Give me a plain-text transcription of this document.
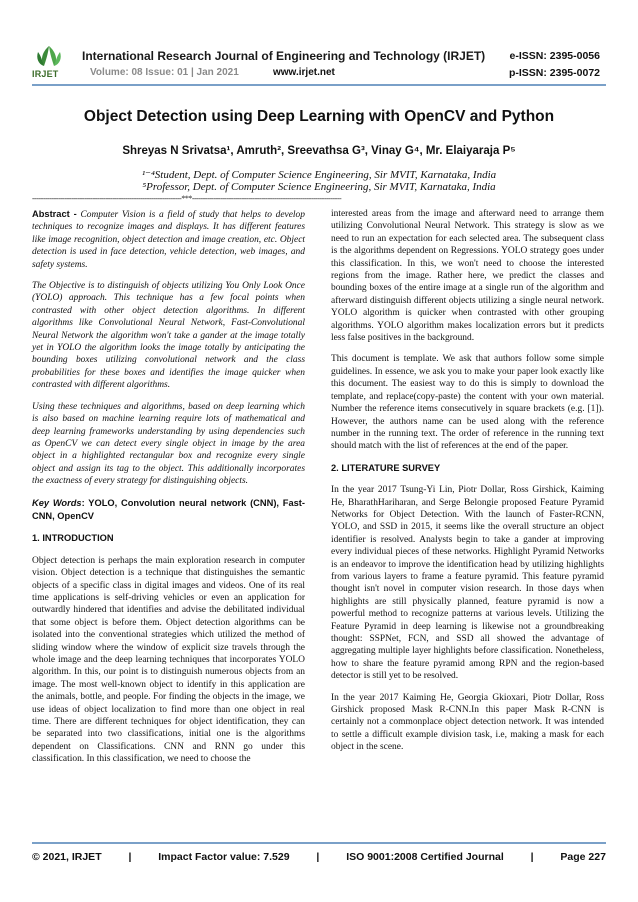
IRJET
International Research Journal of Engineering and Technology (IRJET) e-ISSN: 2395-0056
Volume: 08 Issue: 01 | Jan 2021	www.irjet.net	p-ISSN: 2395-0072
Object Detection using Deep Learning with OpenCV and Python
Shreyas N Srivatsa¹, Amruth², Sreevathsa G³, Vinay G⁴, Mr. Elaiyaraja P⁵
¹⁻⁴Student, Dept. of Computer Science Engineering, Sir MVIT, Karnataka, India
⁵Professor, Dept. of Computer Science Engineering, Sir MVIT, Karnataka, India
---------------------------------------------------------------------***---------------------------------------------------------------------

Abstract - Computer Vision is a field of study that helps to develop techniques to recognize images and displays. It has different features like image recognition, object detection and image creation, etc. Object detection is used in face detection, vehicle detection, web images, and safety systems.

The Objective is to distinguish of objects utilizing You Only Look Once (YOLO) approach. This technique has a few focal points when contrasted with other object detection algorithms. In different algorithms like Convolutional Neural Network, Fast-Convolutional Neural Network the algorithm won't take a gander at the image totally yet in YOLO the algorithm looks the image totally by anticipating the bounding boxes utilizing convolutional network and the class probabilities for these boxes and identifies the image quicker when contrasted with different algorithms.

Using these techniques and algorithms, based on deep learning which is also based on machine learning require lots of mathematical and deep learning frameworks understanding by using dependencies such as OpenCV we can detect every single object in image by the area object in a highlighted rectangular box and recognize every single object and assign its tag to the object. This additionally incorporates the exactness of every strategy for distinguishing objects.

Key Words: YOLO, Convolution neural network (CNN), Fast-CNN, OpenCV

1. INTRODUCTION

Object detection is perhaps the main exploration research in computer vision. Object detection is a technique that distinguishes the semantic objects of a specific class in digital images and videos. One of its real time applications is self-driving vehicles or even an application for outwardly hindered that identifies and advise the debilitated individual that some object is before them. Object detection algorithms can be isolated into the conventional strategies which utilized the method of sliding window where the window of explicit size travels through the whole image and the deep learning techniques that incorporates YOLO algorithm. In this, our point is to distinguish numerous objects from an image. The most well-known object to identify in this application are the animals, bottle, and people. For finding the objects in the image, we use ideas of object localization to find more than one object in real time. There are different techniques for object identification, they can be separated into two classifications, initial one is the algorithms dependent on Classifications. CNN and RNN go under this classification. In this classification, we need to choose the

interested areas from the image and afterward need to arrange them utilizing Convolutional Neural Network. This strategy is slow as we need to run an expectation for each selected area. The subsequent class is the algorithms dependent on Regressions. YOLO strategy goes under this classification. In this, we won't need to choose the interested regions from the image. Rather here, we predict the classes and bounding boxes of the entire image at a single run of the algorithm and afterward distinguish different objects utilizing a single neural network. YOLO algorithm is quicker when contrasted with other grouping algorithms. YOLO algorithm makes localization errors but it predicts less false positives in the background.

This document is template. We ask that authors follow some simple guidelines. In essence, we ask you to make your paper look exactly like this document. The easiest way to do this is simply to download the template, and replace(copy-paste) the content with your own material. Number the reference items consecutively in square brackets (e.g. [1]). However, the authors name can be used along with the reference number in the running text. The order of reference in the running text should match with the list of references at the end of the paper.

2. LITERATURE SURVEY

In the year 2017 Tsung-Yi Lin, Piotr Dollar, Ross Girshick, Kaiming He, BharathHariharan, and Serge Belongie proposed Feature Pyramid Networks for Object Detection. With the launch of Faster-RCNN, YOLO, and SSD in 2015, it seems like the overall structure an object identifier is resolved. Analysts begin to take a gander at improving every individual pieces of these networks. Highlight Pyramid Networks is an endeavor to improve the identification head by utilizing highlights from various layers to frame a feature pyramid. This feature pyramid thought isn't novel in computer vision research. In those days when highlights are still physically planned, feature pyramid is now a powerful method to recognize patterns at various levels. Utilizing the Feature Pyramid in deep learning is likewise not a groundbreaking thought: SSPNet, FCN, and SSD all showed the advantage of aggregating multiple layer highlights before classification. Nonetheless, how to share the feature pyramid among RPN and the region-based detector is still yet to be resolved.

In the year 2017 Kaiming He, Georgia Gkioxari, Piotr Dollar, Ross Girshick proposed Mask R-CNN.In this paper Mask R-CNN is certainly not a commonplace object detection network. It was intended to settle a difficult example division task, i.e, making a mask for each object in the scene.

© 2021, IRJET	|	Impact Factor value: 7.529	|	ISO 9001:2008 Certified Journal	|	Page 227
